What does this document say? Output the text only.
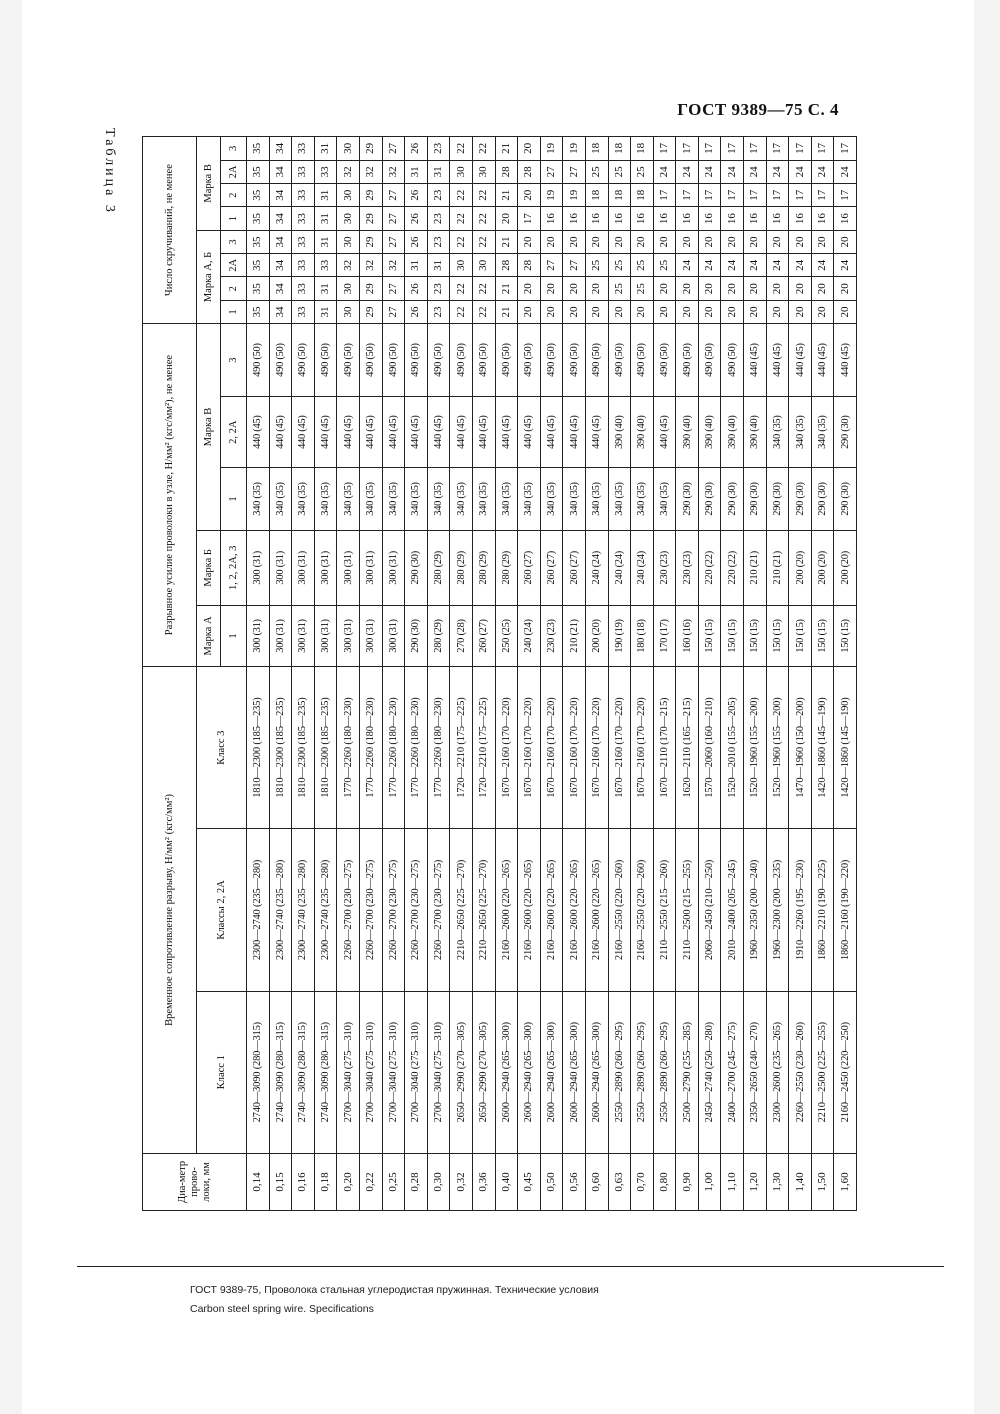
ГОСТ 9389—75 С. 4
Таблица 3
Диа-метр прово-локи, мм	Временное сопротивление разрыву, Н/мм² (кгс/мм²)			Разрывное усилие проволоки в узле, Н/мм² (кгс/мм²), не менее					Число скручиваний, не менее							
	Класс 1	Классы 2, 2А	Класс 3	Марка А	Марка Б	Марка В			Марка А, Б				Марка В			
				1	1, 2, 2А, 3	1	2, 2А	3	1	2	2А	3	1	2	2А	3
0,14	2740—3090 (280—315)	2300—2740 (235—280)	1810—2300 (185—235)	300 (31)	300 (31)	340 (35)	440 (45)	490 (50)	35	35	35	35	35	35	35	35
0,15	2740—3090 (280—315)	2300—2740 (235—280)	1810—2300 (185—235)	300 (31)	300 (31)	340 (35)	440 (45)	490 (50)	34	34	34	34	34	34	34	34
0,16	2740—3090 (280—315)	2300—2740 (235—280)	1810—2300 (185—235)	300 (31)	300 (31)	340 (35)	440 (45)	490 (50)	33	33	33	33	33	33	33	33
0,18	2740—3090 (280—315)	2300—2740 (235—280)	1810—2300 (185—235)	300 (31)	300 (31)	340 (35)	440 (45)	490 (50)	31	31	33	31	31	31	33	31
0,20	2700—3040 (275—310)	2260—2700 (230—275)	1770—2260 (180—230)	300 (31)	300 (31)	340 (35)	440 (45)	490 (50)	30	30	32	30	30	30	32	30
0,22	2700—3040 (275—310)	2260—2700 (230—275)	1770—2260 (180—230)	300 (31)	300 (31)	340 (35)	440 (45)	490 (50)	29	29	32	29	29	29	32	29
0,25	2700—3040 (275—310)	2260—2700 (230—275)	1770—2260 (180—230)	300 (31)	300 (31)	340 (35)	440 (45)	490 (50)	27	27	32	27	27	27	32	27
0,28	2700—3040 (275—310)	2260—2700 (230—275)	1770—2260 (180—230)	290 (30)	290 (30)	340 (35)	440 (45)	490 (50)	26	26	31	26	26	26	31	26
0,30	2700—3040 (275—310)	2260—2700 (230—275)	1770—2260 (180—230)	280 (29)	280 (29)	340 (35)	440 (45)	490 (50)	23	23	31	23	23	23	31	23
0,32	2650—2990 (270—305)	2210—2650 (225—270)	1720—2210 (175—225)	270 (28)	280 (29)	340 (35)	440 (45)	490 (50)	22	22	30	22	22	22	30	22
0,36	2650—2990 (270—305)	2210—2650 (225—270)	1720—2210 (175—225)	260 (27)	280 (29)	340 (35)	440 (45)	490 (50)	22	22	30	22	22	22	30	22
0,40	2600—2940 (265—300)	2160—2600 (220—265)	1670—2160 (170—220)	250 (25)	280 (29)	340 (35)	440 (45)	490 (50)	21	21	28	21	20	21	28	21
0,45	2600—2940 (265—300)	2160—2600 (220—265)	1670—2160 (170—220)	240 (24)	260 (27)	340 (35)	440 (45)	490 (50)	20	20	28	20	17	20	28	20
0,50	2600—2940 (265—300)	2160—2600 (220—265)	1670—2160 (170—220)	230 (23)	260 (27)	340 (35)	440 (45)	490 (50)	20	20	27	20	16	19	27	19
0,56	2600—2940 (265—300)	2160—2600 (220—265)	1670—2160 (170—220)	210 (21)	260 (27)	340 (35)	440 (45)	490 (50)	20	20	27	20	16	19	27	19
0,60	2600—2940 (265—300)	2160—2600 (220—265)	1670—2160 (170—220)	200 (20)	240 (24)	340 (35)	440 (45)	490 (50)	20	20	25	20	16	18	25	18
0,63	2550—2890 (260—295)	2160—2550 (220—260)	1670—2160 (170—220)	190 (19)	240 (24)	340 (35)	390 (40)	490 (50)	20	25	25	20	16	18	25	18
0,70	2550—2890 (260—295)	2160—2550 (220—260)	1670—2160 (170—220)	180 (18)	240 (24)	340 (35)	390 (40)	490 (50)	20	25	25	20	16	18	25	18
0,80	2550—2890 (260—295)	2110—2550 (215—260)	1670—2110 (170—215)	170 (17)	230 (23)	340 (35)	440 (45)	490 (50)	20	20	25	20	16	17	24	17
0,90	2500—2790 (255—285)	2110—2500 (215—255)	1620—2110 (165—215)	160 (16)	230 (23)	290 (30)	390 (40)	490 (50)	20	20	24	20	16	17	24	17
1,00	2450—2740 (250—280)	2060—2450 (210—250)	1570—2060 (160—210)	150 (15)	220 (22)	290 (30)	390 (40)	490 (50)	20	20	24	20	16	17	24	17
1,10	2400—2700 (245—275)	2010—2400 (205—245)	1520—2010 (155—205)	150 (15)	220 (22)	290 (30)	390 (40)	490 (50)	20	20	24	20	16	17	24	17
1,20	2350—2650 (240—270)	1960—2350 (200—240)	1520—1960 (155—200)	150 (15)	210 (21)	290 (30)	390 (40)	440 (45)	20	20	24	20	16	17	24	17
1,30	2300—2600 (235—265)	1960—2300 (200—235)	1520—1960 (155—200)	150 (15)	210 (21)	290 (30)	340 (35)	440 (45)	20	20	24	20	16	17	24	17
1,40	2260—2550 (230—260)	1910—2260 (195—230)	1470—1960 (150—200)	150 (15)	200 (20)	290 (30)	340 (35)	440 (45)	20	20	24	20	16	17	24	17
1,50	2210—2500 (225—255)	1860—2210 (190—225)	1420—1860 (145—190)	150 (15)	200 (20)	290 (30)	340 (35)	440 (45)	20	20	24	20	16	17	24	17
1,60	2160—2450 (220—250)	1860—2160 (190—220)	1420—1860 (145—190)	150 (15)	200 (20)	290 (30)	290 (30)	440 (45)	20	20	24	20	16	17	24	17
ГОСТ 9389-75, Проволока стальная углеродистая пружинная. Технические условия
Carbon steel spring wire. Specifications
